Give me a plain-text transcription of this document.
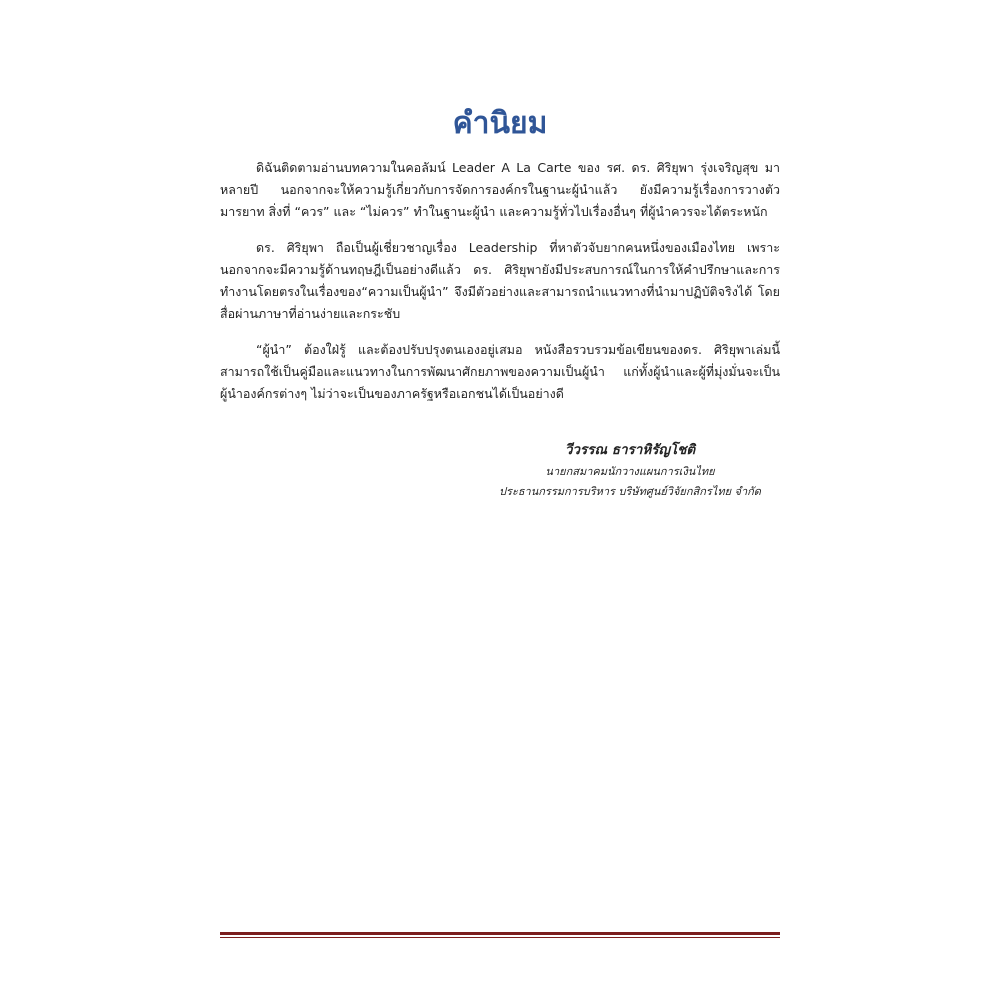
คำนิยม

ดิฉันติดตามอ่านบทความในคอลัมน์ Leader A La Carte ของ รศ. ดร. ศิริยุพา รุ่งเจริญสุข มาหลายปี นอกจากจะให้ความรู้เกี่ยวกับการจัดการองค์กรในฐานะผู้นำแล้ว ยังมีความรู้เรื่องการวางตัว มารยาท สิ่งที่ “ควร” และ “ไม่ควร” ทำในฐานะผู้นำ และความรู้ทั่วไปเรื่องอื่นๆ ที่ผู้นำควรจะได้ตระหนัก

ดร. ศิริยุพา ถือเป็นผู้เชี่ยวชาญเรื่อง Leadership ที่หาตัวจับยากคนหนึ่งของเมืองไทย เพราะนอกจากจะมีความรู้ด้านทฤษฎีเป็นอย่างดีแล้ว ดร. ศิริยุพายังมีประสบการณ์ในการให้คำปรึกษาและการทำงานโดยตรงในเรื่องของ“ความเป็นผู้นำ” จึงมีตัวอย่างและสามารถนำแนวทางที่นำมาปฏิบัติจริงได้ โดยสื่อผ่านภาษาที่อ่านง่ายและกระชับ

“ผู้นำ” ต้องใฝ่รู้ และต้องปรับปรุงตนเองอยู่เสมอ หนังสือรวบรวมข้อเขียนของดร. ศิริยุพาเล่มนี้สามารถใช้เป็นคู่มือและแนวทางในการพัฒนาศักยภาพของความเป็นผู้นำ แก่ทั้งผู้นำและผู้ที่มุ่งมั่นจะเป็นผู้นำองค์กรต่างๆ ไม่ว่าจะเป็นของภาครัฐหรือเอกชนได้เป็นอย่างดี

วีวรรณ ธาราหิรัญโชติ
นายกสมาคมนักวางแผนการเงินไทย
ประธานกรรมการบริหาร บริษัทศูนย์วิจัยกสิกรไทย จำกัด
